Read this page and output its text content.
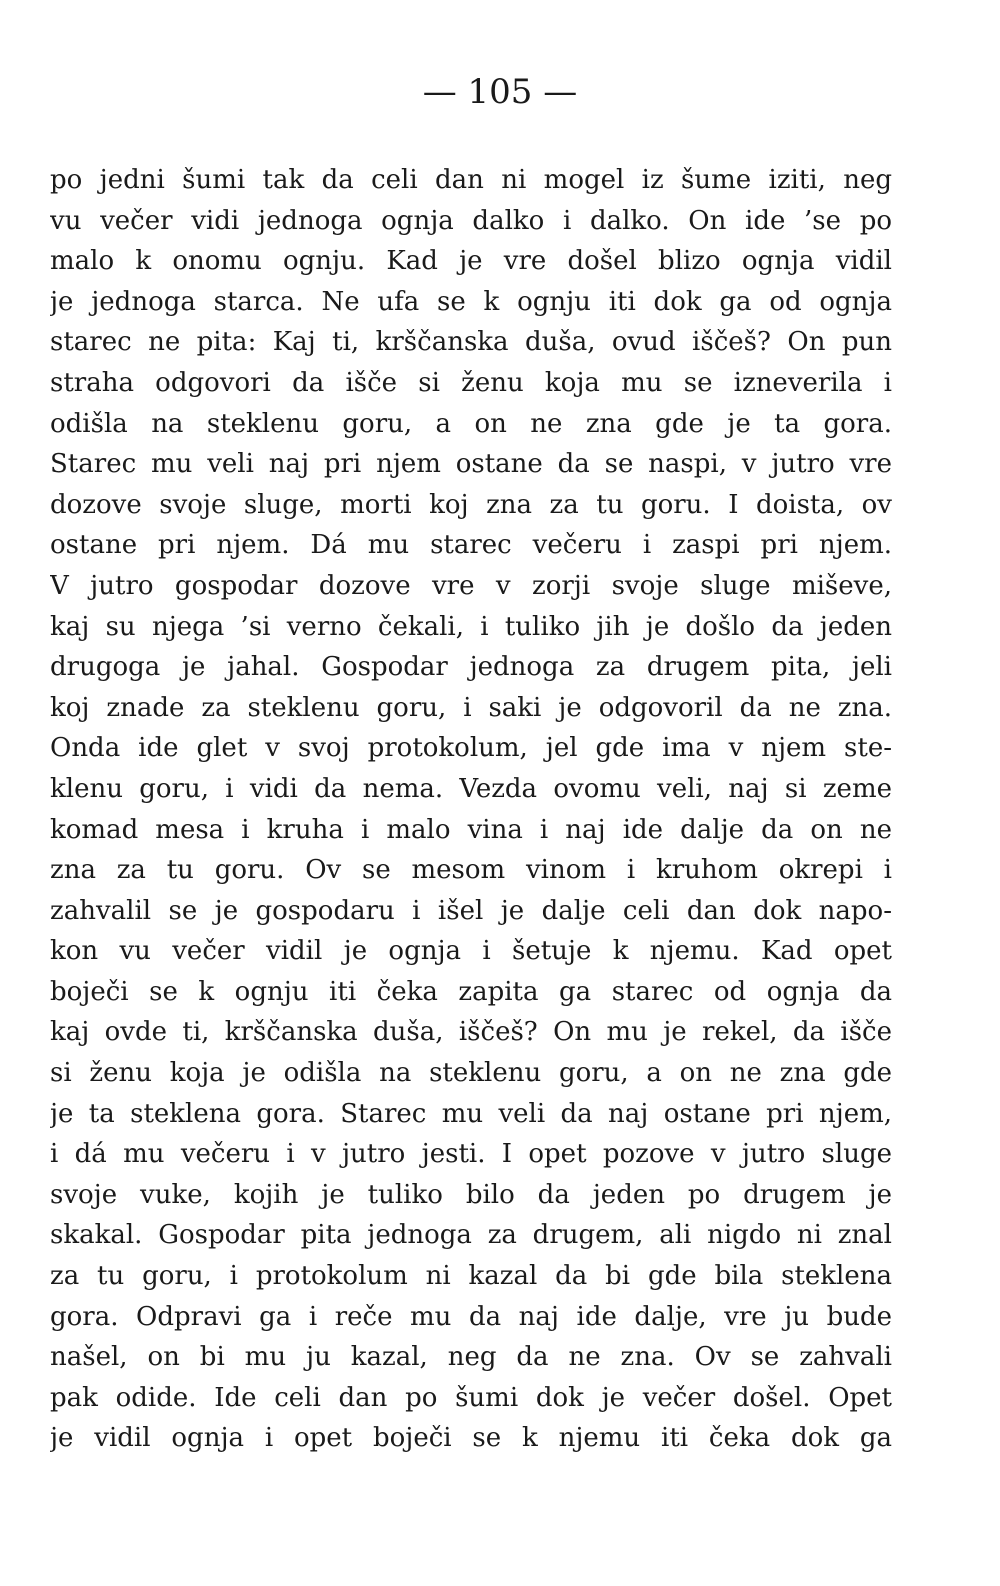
— 105 —
po jedni šumi tak da celi dan ni mogel iz šume iziti, neg
vu večer vidi jednoga ognja dalko i dalko. On ide ’se po
malo k onomu ognju. Kad je vre došel blizo ognja vidil
je jednoga starca. Ne ufa se k ognju iti dok ga od ognja
starec ne pita: Kaj ti, krščanska duša, ovud iščeš? On pun
straha odgovori da išče si ženu koja mu se izneverila i
odišla na steklenu goru, a on ne zna gde je ta gora.
Starec mu veli naj pri njem ostane da se naspi, v jutro vre
dozove svoje sluge, morti koj zna za tu goru. I doista, ov
ostane pri njem. Dá mu starec večeru i zaspi pri njem.
V jutro gospodar dozove vre v zorji svoje sluge miševe,
kaj su njega ’si verno čekali, i tuliko jih je došlo da jeden
drugoga je jahal. Gospodar jednoga za drugem pita, jeli
koj znade za steklenu goru, i saki je odgovoril da ne zna.
Onda ide glet v svoj protokolum, jel gde ima v njem ste-
klenu goru, i vidi da nema. Vezda ovomu veli, naj si zeme
komad mesa i kruha i malo vina i naj ide dalje da on ne
zna za tu goru. Ov se mesom vinom i kruhom okrepi i
zahvalil se je gospodaru i išel je dalje celi dan dok napo-
kon vu večer vidil je ognja i šetuje k njemu. Kad opet
boječi se k ognju iti čeka zapita ga starec od ognja da
kaj ovde ti, krščanska duša, iščeš? On mu je rekel, da išče
si ženu koja je odišla na steklenu goru, a on ne zna gde
je ta steklena gora. Starec mu veli da naj ostane pri njem,
i dá mu večeru i v jutro jesti. I opet pozove v jutro sluge
svoje vuke, kojih je tuliko bilo da jeden po drugem je
skakal. Gospodar pita jednoga za drugem, ali nigdo ni znal
za tu goru, i protokolum ni kazal da bi gde bila steklena
gora. Odpravi ga i reče mu da naj ide dalje, vre ju bude
našel, on bi mu ju kazal, neg da ne zna. Ov se zahvali
pak odide. Ide celi dan po šumi dok je večer došel. Opet
je vidil ognja i opet boječi se k njemu iti čeka dok ga
